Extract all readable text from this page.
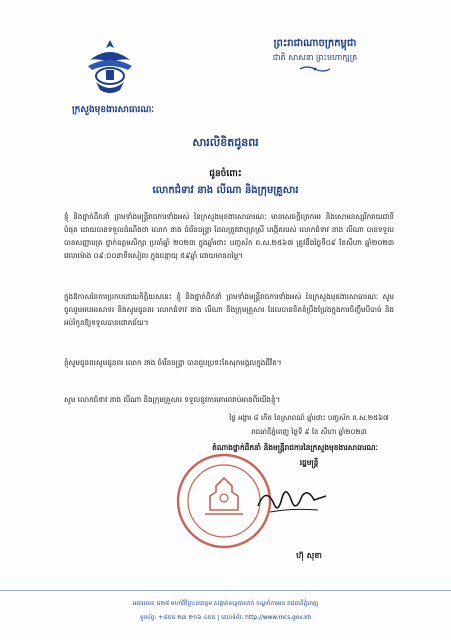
ក្រសួងមុខងារសាធារណៈ
ព្រះរាជាណាចក្រកម្ពុជា
ជាតិ សាសនា ព្រះមហាក្សត្រ
សារលិខិតជូនពរ
ជូនចំពោះ
លោកជំទាវ នាង លីណា និងក្រុមគ្រួសារ
ខ្ញុំ និងថ្នាក់ដឹកនាំ ព្រមទាំងមន្ត្រីរាជការទាំងអស់ នៃក្រសួងមុខងារសាធារណៈ មានសេចក្តីត្រេកអរ និងសោមនស្សរីករាយជាទីបំផុត ដោយបានទទួលដំណឹងថា លោក នាង ចំរើនចន្ទ្រា ដែលត្រូវជាបុត្រស្រី បង្កើតរបស់ លោកជំទាវ នាង លីណា បានទទួលបានសញ្ញាបត្រ ថ្នាក់ឧត្តមសិក្សា ប្រចាំឆ្នាំ ២០២៣ ក្នុងឆ្នាំថោះ បញ្ចស័ក ព.ស.២៥៦៧ ត្រូវនឹងថ្ងៃទី០៩ ខែសីហា ឆ្នាំ២០២៣ វេលាម៉ោង ០៩:០០នាទីរសៀល ក្នុងជន្មាយុ ៥៩ឆ្នាំ ដោយមានតម្លៃ។
ក្នុងឱកាសនៃការប្រកបដោយកិត្តិយសនេះ ខ្ញុំ និងថ្នាក់ដឹកនាំ ព្រមទាំងមន្ត្រីរាជការទាំងអស់ នៃក្រសួងមុខងារសាធារណៈ សូមចូលរួមអបអរសាទរ និងសូមជូនពរ លោកជំទាវ នាង លីណា និងក្រុមគ្រួសារ ដែលបានខិតខំប្រឹងប្រែងក្នុងការចិញ្ចឹមបីបាច់ និងអប់រំកូនឱ្យទទួលបានជោគជ័យ។
ខ្ញុំសូមជូនពរសូមជូនពរ លោក នាង ចំរើនចន្ទ្រា បានជួបប្រទះតែសុភមង្គលក្នុងជីវិត។
សូម លោកជំទាវ នាង លីណា និងក្រុមគ្រួសារ ទទួលនូវការគោរពរាប់អានពីយើងខ្ញុំ។
ថ្ងៃ អង្គារ ៨ កើត ខែស្រាពណ៍ ឆ្នាំថោះ បញ្ចស័ក ព.ស.២៥៦៧
រាជធានីភ្នំពេញ ថ្ងៃទី ៩ ខែ សីហា ឆ្នាំ២០២៣
តំណាងថ្នាក់ដឹកនាំ និងមន្ត្រីរាជការនៃក្រសួងមុខងារសាធារណៈ
រដ្ឋមន្ត្រី
ហ៊ុ សុខា
អគារលេខ ៥២៨ មហាវិថីព្រះនរោត្តម សង្កាត់ទន្លេបាសាក់ ខណ្ឌចំការមន រាជធានីភ្នំពេញ
ទូរស័ព្ទ: +៨៥៥ ២៣ ២១៦ ៤៥៥ | គេហទំព័រ: http://www.mcs.gov.kh
